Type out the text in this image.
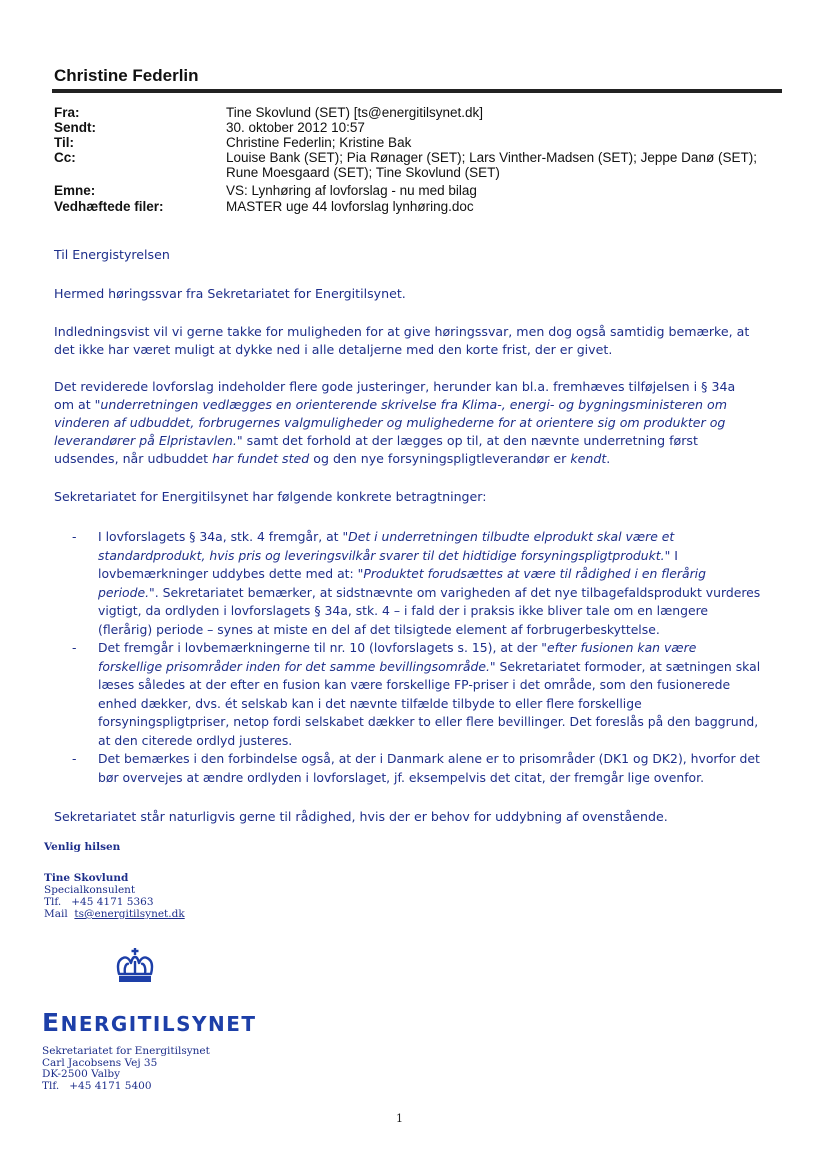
Christine Federlin
Fra:	Tine Skovlund (SET) [ts@energitilsynet.dk]
Sendt:	30. oktober 2012 10:57
Til:	Christine Federlin; Kristine Bak
Cc:	Louise Bank (SET); Pia Rønager (SET); Lars Vinther-Madsen (SET); Jeppe Danø (SET);
Rune Moesgaard (SET); Tine Skovlund (SET)
Emne:	VS: Lynhøring af lovforslag - nu med bilag
Vedhæftede filer:	MASTER uge 44 lovforslag lynhøring.doc
Til Energistyrelsen
Hermed høringssvar fra Sekretariatet for Energitilsynet.
Indledningsvist vil vi gerne takke for muligheden for at give høringssvar, men dog også samtidig bemærke, at det ikke har været muligt at dykke ned i alle detaljerne med den korte frist, der er givet.
Det reviderede lovforslag indeholder flere gode justeringer, herunder kan bl.a. fremhæves tilføjelsen i § 34a om at "underretningen vedlægges en orienterende skrivelse fra Klima-, energi- og bygningsministeren om vinderen af udbuddet, forbrugernes valgmuligheder og mulighederne for at orientere sig om produkter og leverandører på Elpristavlen." samt det forhold at der lægges op til, at den nævnte underretning først udsendes, når udbuddet har fundet sted og den nye forsyningspligtleverandør er kendt.
Sekretariatet for Energitilsynet har følgende konkrete betragtninger:
- I lovforslagets § 34a, stk. 4 fremgår, at "Det i underretningen tilbudte elprodukt skal være et standardprodukt, hvis pris og leveringsvilkår svarer til det hidtidige forsyningspligtprodukt." I lovbemærkninger uddybes dette med at: "Produktet forudsættes at være til rådighed i en flerårig periode.". Sekretariatet bemærker, at sidstnævnte om varigheden af det nye tilbagefaldsprodukt vurderes vigtigt, da ordlyden i lovforslagets § 34a, stk. 4 – i fald der i praksis ikke bliver tale om en længere (flerårig) periode – synes at miste en del af det tilsigtede element af forbrugerbeskyttelse.
- Det fremgår i lovbemærkningerne til nr. 10 (lovforslagets s. 15), at der "efter fusionen kan være forskellige prisområder inden for det samme bevillingsområde." Sekretariatet formoder, at sætningen skal læses således at der efter en fusion kan være forskellige FP-priser i det område, som den fusionerede enhed dækker, dvs. ét selskab kan i det nævnte tilfælde tilbyde to eller flere forskellige forsyningspligtpriser, netop fordi selskabet dækker to eller flere bevillinger. Det foreslås på den baggrund, at den citerede ordlyd justeres.
- Det bemærkes i den forbindelse også, at der i Danmark alene er to prisområder (DK1 og DK2), hvorfor det bør overvejes at ændre ordlyden i lovforslaget, jf. eksempelvis det citat, der fremgår lige ovenfor.
Sekretariatet står naturligvis gerne til rådighed, hvis der er behov for uddybning af ovenstående.
Venlig hilsen
Tine Skovlund
Specialkonsulent
Tlf. +45 4171 5363
Mail ts@energitilsynet.dk
ENERGITILSYNET
Sekretariatet for Energitilsynet
Carl Jacobsens Vej 35
DK-2500 Valby
Tlf. +45 4171 5400
1
